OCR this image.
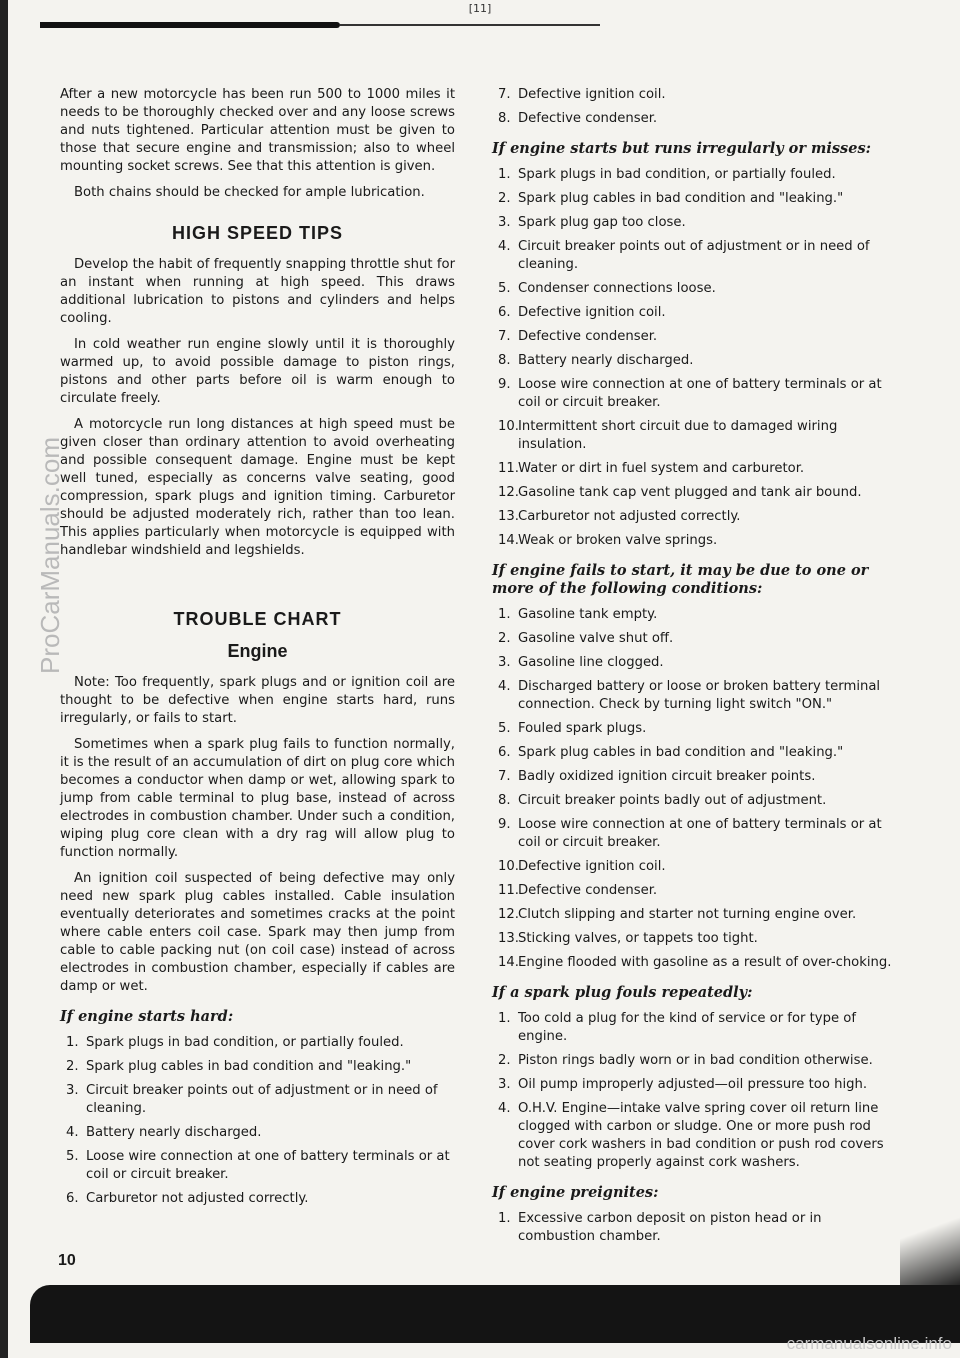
[11]
ProCarManuals.com

After a new motorcycle has been run 500 to 1000 miles it needs to be thoroughly checked over and any loose screws and nuts tightened. Particular attention must be given to those that secure engine and transmission; also to wheel mounting socket screws. See that this attention is given.

Both chains should be checked for ample lubrication.

HIGH SPEED TIPS

Develop the habit of frequently snapping throttle shut for an instant when running at high speed. This draws additional lubrication to pistons and cylinders and helps cooling.

In cold weather run engine slowly until it is thoroughly warmed up, to avoid possible damage to piston rings, pistons and other parts before oil is warm enough to circulate freely.

A motorcycle run long distances at high speed must be given closer than ordinary attention to avoid overheating and possible consequent damage. Engine must be kept well tuned, especially as concerns valve seating, good compression, spark plugs and ignition timing. Carburetor should be adjusted moderately rich, rather than too lean. This applies particularly when motorcycle is equipped with handlebar windshield and legshields.

TROUBLE CHART
Engine

Note: Too frequently, spark plugs and or ignition coil are thought to be defective when engine starts hard, runs irregularly, or fails to start.

Sometimes when a spark plug fails to function normally, it is the result of an accumulation of dirt on plug core which becomes a conductor when damp or wet, allowing spark to jump from cable terminal to plug base, instead of across electrodes in combustion chamber. Under such a condition, wiping plug core clean with a dry rag will allow plug to function normally.

An ignition coil suspected of being defective may only need new spark plug cables installed. Cable insulation eventually deteriorates and sometimes cracks at the point where cable enters coil case. Spark may then jump from cable to cable packing nut (on coil case) instead of across electrodes in combustion chamber, especially if cables are damp or wet.

If engine starts hard:
1. Spark plugs in bad condition, or partially fouled.
2. Spark plug cables in bad condition and "leaking."
3. Circuit breaker points out of adjustment or in need of cleaning.
4. Battery nearly discharged.
5. Loose wire connection at one of battery terminals or at coil or circuit breaker.
6. Carburetor not adjusted correctly.
7. Defective ignition coil.
8. Defective condenser.
If engine starts but runs irregularly or misses:
1. Spark plugs in bad condition, or partially fouled.
2. Spark plug cables in bad condition and "leaking."
3. Spark plug gap too close.
4. Circuit breaker points out of adjustment or in need of cleaning.
5. Condenser connections loose.
6. Defective ignition coil.
7. Defective condenser.
8. Battery nearly discharged.
9. Loose wire connection at one of battery terminals or at coil or circuit breaker.
10. Intermittent short circuit due to damaged wiring insulation.
11. Water or dirt in fuel system and carburetor.
12. Gasoline tank cap vent plugged and tank air bound.
13. Carburetor not adjusted correctly.
14. Weak or broken valve springs.
If engine fails to start, it may be due to one or more of the following conditions:
1. Gasoline tank empty.
2. Gasoline valve shut off.
3. Gasoline line clogged.
4. Discharged battery or loose or broken battery terminal connection. Check by turning light switch "ON."
5. Fouled spark plugs.
6. Spark plug cables in bad condition and "leaking."
7. Badly oxidized ignition circuit breaker points.
8. Circuit breaker points badly out of adjustment.
9. Loose wire connection at one of battery terminals or at coil or circuit breaker.
10. Defective ignition coil.
11. Defective condenser.
12. Clutch slipping and starter not turning engine over.
13. Sticking valves, or tappets too tight.
14. Engine flooded with gasoline as a result of over-choking.
If a spark plug fouls repeatedly:
1. Too cold a plug for the kind of service or for type of engine.
2. Piston rings badly worn or in bad condition otherwise.
3. Oil pump improperly adjusted—oil pressure too high.
4. O.H.V. Engine—intake valve spring cover oil return line clogged with carbon or sludge. One or more push rod cover cork washers in bad condition or push rod covers not seating properly against cork washers.
If engine preignites:
1. Excessive carbon deposit on piston head or in combustion chamber.
10
carmanualsonline.info
